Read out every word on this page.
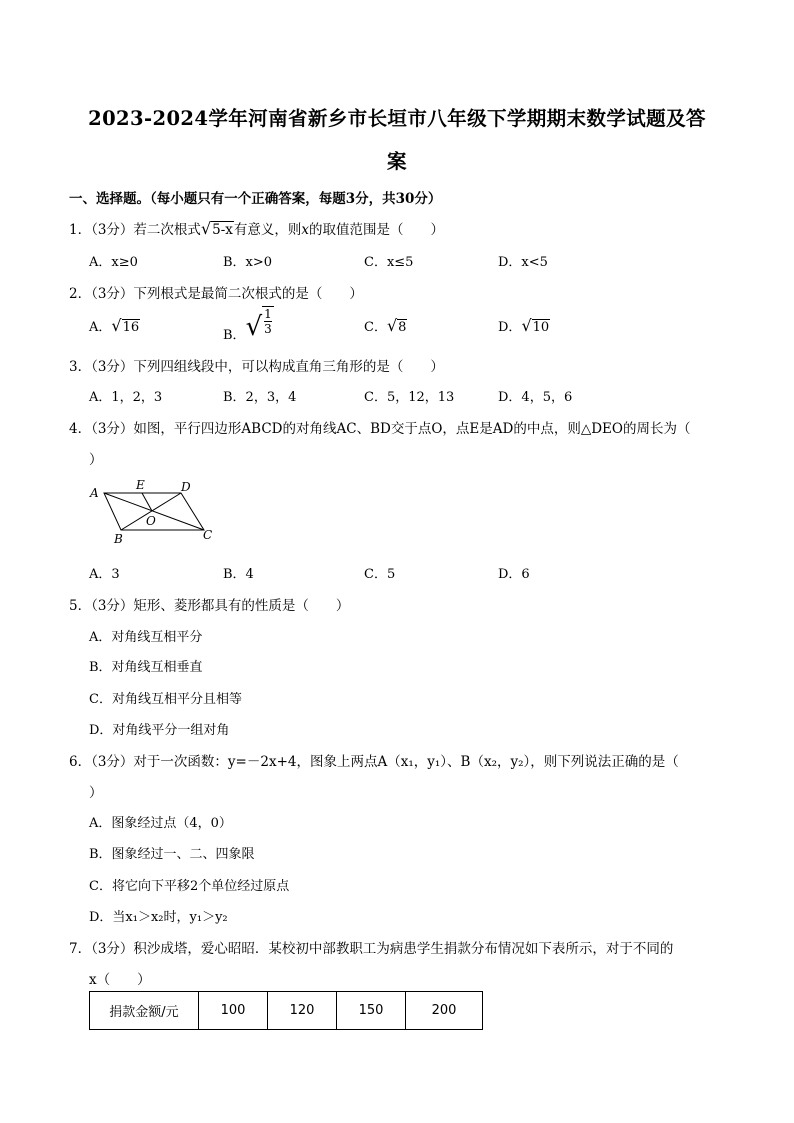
2023-2024学年河南省新乡市长垣市八年级下学期期末数学试题及答
案
一、选择题。（每小题只有一个正确答案，每题3分，共30分）
1．（3分）若二次根式√5-x有意义，则x的取值范围是（　　）
A．x≥0	B．x>0	C．x≤5	D．x<5
2．（3分）下列根式是最简二次根式的是（　　）
A．√16
B．√ $\frac{1}{3}$	C．√8	D．√10
3．（3分）下列四组线段中，可以构成直角三角形的是（　　）
A．1，2，3	B．2，3，4	C．5，12，13	D．4，5，6
4．（3分）如图，平行四边形ABCD的对角线AC、BD交于点O，点E是AD的中点，则△DEO的周长为（
）
A
E	D
O
B	C
A．3	B．4	C．5	D．6
5．（3分）矩形、菱形都具有的性质是（　　）
A．对角线互相平分
B．对角线互相垂直
C．对角线互相平分且相等
D．对角线平分一组对角
6．（3分）对于一次函数：y=－2x+4，图象上两点A（x₁，y₁）、B（x₂，y₂），则下列说法正确的是（
）
A．图象经过点（4，0）
B．图象经过一、二、四象限
C．将它向下平移2个单位经过原点
D．当x₁＞x₂时，y₁＞y₂
7．（3分）积沙成塔，爱心昭昭．某校初中部教职工为病患学生捐款分布情况如下表所示，对于不同的
x（　　）
捐款金额/元	100	120	150	200
